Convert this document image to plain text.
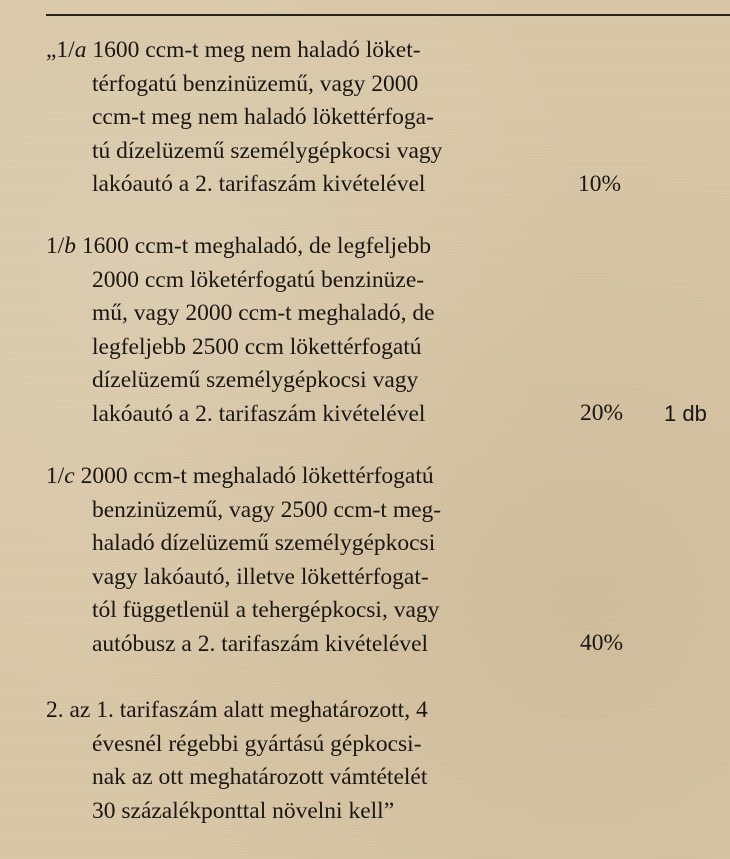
„1/a 1600 ccm-t meg nem haladó löket-
térfogatú benzinüzemű, vagy 2000
ccm-t meg nem haladó lökettérfoga-
tú dízelüzemű személygépkocsi vagy
lakóautó a 2. tarifaszám kivételével	10%
1/b 1600 ccm-t meghaladó, de legfeljebb
2000 ccm löketérfogatú benzinüze-
mű, vagy 2000 ccm-t meghaladó, de
legfeljebb 2500 ccm lökettérfogatú
dízelüzemű személygépkocsi vagy
lakóautó a 2. tarifaszám kivételével	20% 1 db
1/c 2000 ccm-t meghaladó lökettérfogatú
benzinüzemű, vagy 2500 ccm-t meg-
haladó dízelüzemű személygépkocsi
vagy lakóautó, illetve lökettérfogat-
tól függetlenül a tehergépkocsi, vagy
autóbusz a 2. tarifaszám kivételével	40%
2. az 1. tarifaszám alatt meghatározott, 4
évesnél régebbi gyártású gépkocsi-
nak az ott meghatározott vámtételét
30 százalékponttal növelni kell”
